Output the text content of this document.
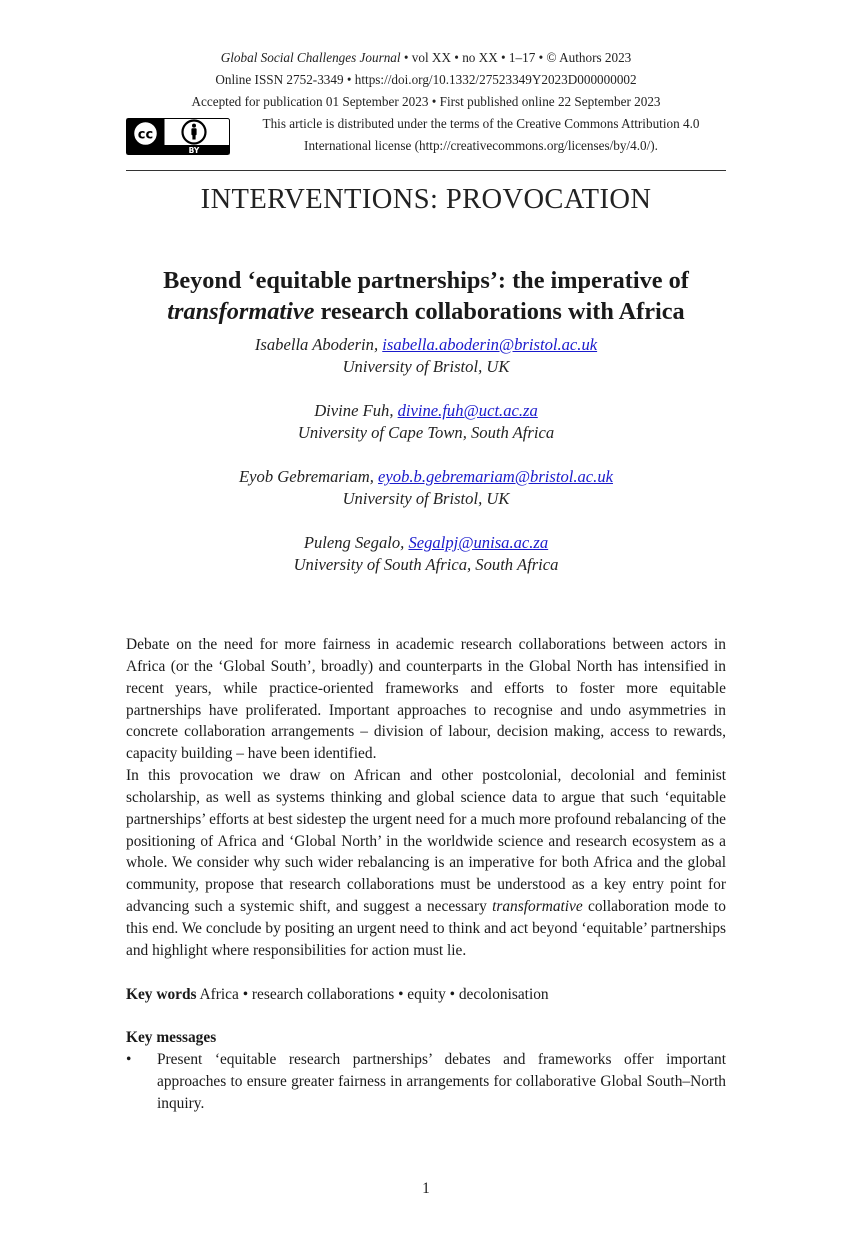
Global Social Challenges Journal • vol XX • no XX • 1–17 • © Authors 2023
Online ISSN 2752-3349 • https://doi.org/10.1332/27523349Y2023D000000002
Accepted for publication 01 September 2023 • First published online 22 September 2023
cc
BY
This article is distributed under the terms of the Creative Commons Attribution 4.0
International license (http://creativecommons.org/licenses/by/4.0/).
INTERVENTIONS: PROVOCATION
Beyond ‘equitable partnerships’: the imperative of
transformative research collaborations with Africa
Isabella Aboderin, isabella.aboderin@bristol.ac.uk
University of Bristol, UK
Divine Fuh, divine.fuh@uct.ac.za
University of Cape Town, South Africa
Eyob Gebremariam, eyob.b.gebremariam@bristol.ac.uk
University of Bristol, UK
Puleng Segalo, Segalpj@unisa.ac.za
University of South Africa, South Africa

Debate on the need for more fairness in academic research collaborations between actors in Africa (or the ‘Global South’, broadly) and counterparts in the Global North has intensified in recent years, while practice-oriented frameworks and efforts to foster more equitable partnerships have proliferated. Important approaches to recognise and undo asymmetries in concrete collaboration arrangements – division of labour, decision making, access to rewards, capacity building – have been identified.

In this provocation we draw on African and other postcolonial, decolonial and feminist scholarship, as well as systems thinking and global science data to argue that such ‘equitable partnerships’ efforts at best sidestep the urgent need for a much more profound rebalancing of the positioning of Africa and ‘Global North’ in the worldwide science and research ecosystem as a whole. We consider why such wider rebalancing is an imperative for both Africa and the global community, propose that research collaborations must be understood as a key entry point for advancing such a systemic shift, and suggest a necessary transformative collaboration mode to this end. We conclude by positing an urgent need to think and act beyond ‘equitable’ partnerships and highlight where responsibilities for action must lie.

Key words Africa • research collaborations • equity • decolonisation
Key messages
• Present ‘equitable research partnerships’ debates and frameworks offer important approaches to ensure greater fairness in arrangements for collaborative Global South–North inquiry.
1
